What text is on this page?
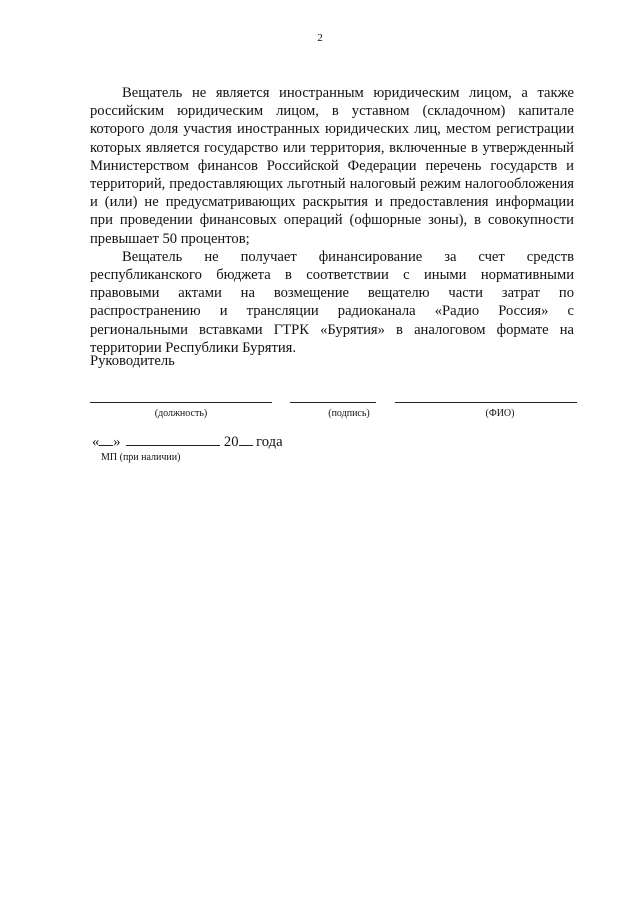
2

Вещатель не является иностранным юридическим лицом, а также российским юридическим лицом, в уставном (складочном) капитале которого доля участия иностранных юридических лиц, местом регистрации которых является государство или территория, включенные в утвержденный Министерством финансов Российской Федерации перечень государств и территорий, предоставляющих льготный налоговый режим налогообложения и (или) не предусматривающих раскрытия и предоставления информации при проведении финансовых операций (офшорные зоны), в совокупности превышает 50 процентов;

Вещатель не получает финансирование за счет средств республиканского бюджета в соответствии с иными нормативными правовыми актами на возмещение вещателю части затрат по распространению и трансляции радиоканала «Радио Россия» с региональными вставками ГТРК «Бурятия» в аналоговом формате на территории Республики Бурятия.

Руководитель
(должность)	(подпись)	(ФИО)
« »	20 года
МП (при наличии)
